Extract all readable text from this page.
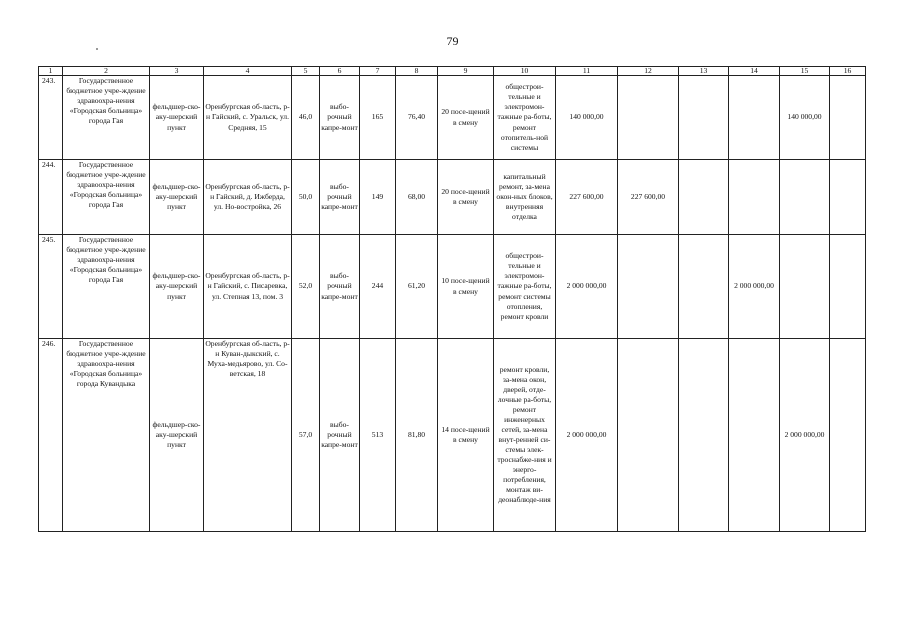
79
1	2	3	4	5	6	7	8	9	10	11	12	13	14	15	16
243.	Государственное бюджетное учре-ждение здравоохра-нения «Городская больница» города Гая	фельдшер-ско-аку-шерский пункт	Оренбургская об-ласть, р-н Гайский, с. Уральск, ул. Средняя, 15	46,0	выбо-рочный капре-монт	165	76,40	20 посе-щений в смену	общестрои-тельные и электромон-тажные ра-боты, ремонт отопитель-ной системы	140 000,00				140 000,00	
244.	Государственное бюджетное учре-ждение здравоохра-нения «Городская больница» города Гая	фельдшер-ско-аку-шерский пункт	Оренбургская об-ласть, р-н Гайский, д. Ижберда, ул. Но-востройка, 26	50,0	выбо-рочный капре-монт	149	68,00	20 посе-щений в смену	капитальный ремонт, за-мена окон-ных блоков, внутренняя отделка	227 600,00	227 600,00				
245.	Государственное бюджетное учре-ждение здравоохра-нения «Городская больница» города Гая	фельдшер-ско-аку-шерский пункт	Оренбургская об-ласть, р-н Гайский, с. Писаревка, ул. Степная 13, пом. 3	52,0	выбо-рочный капре-монт	244	61,20	10 посе-щений в смену	общестрои-тельные и электромон-тажные ра-боты, ремонт системы отопления, ремонт кровли	2 000 000,00			2 000 000,00		
246.	Государственное бюджетное учре-ждение здравоохра-нения «Городская больница» города Кувандыка	фельдшер-ско-аку-шерский пункт	Оренбургская об-ласть, р-н Куван-дыкский, с. Муха-медьярово, ул. Со-ветская, 18	57,0	выбо-рочный капре-монт	513	81,80	14 посе-щений в смену	ремонт кровли, за-мена окон, дверей, отде-лочные ра-боты, ремонт инженерных сетей, за-мена внут-ренней си-стемы элек-троснабже-ния и энерго-потребления, монтаж ви-деонаблюде-ния	2 000 000,00				2 000 000,00	
